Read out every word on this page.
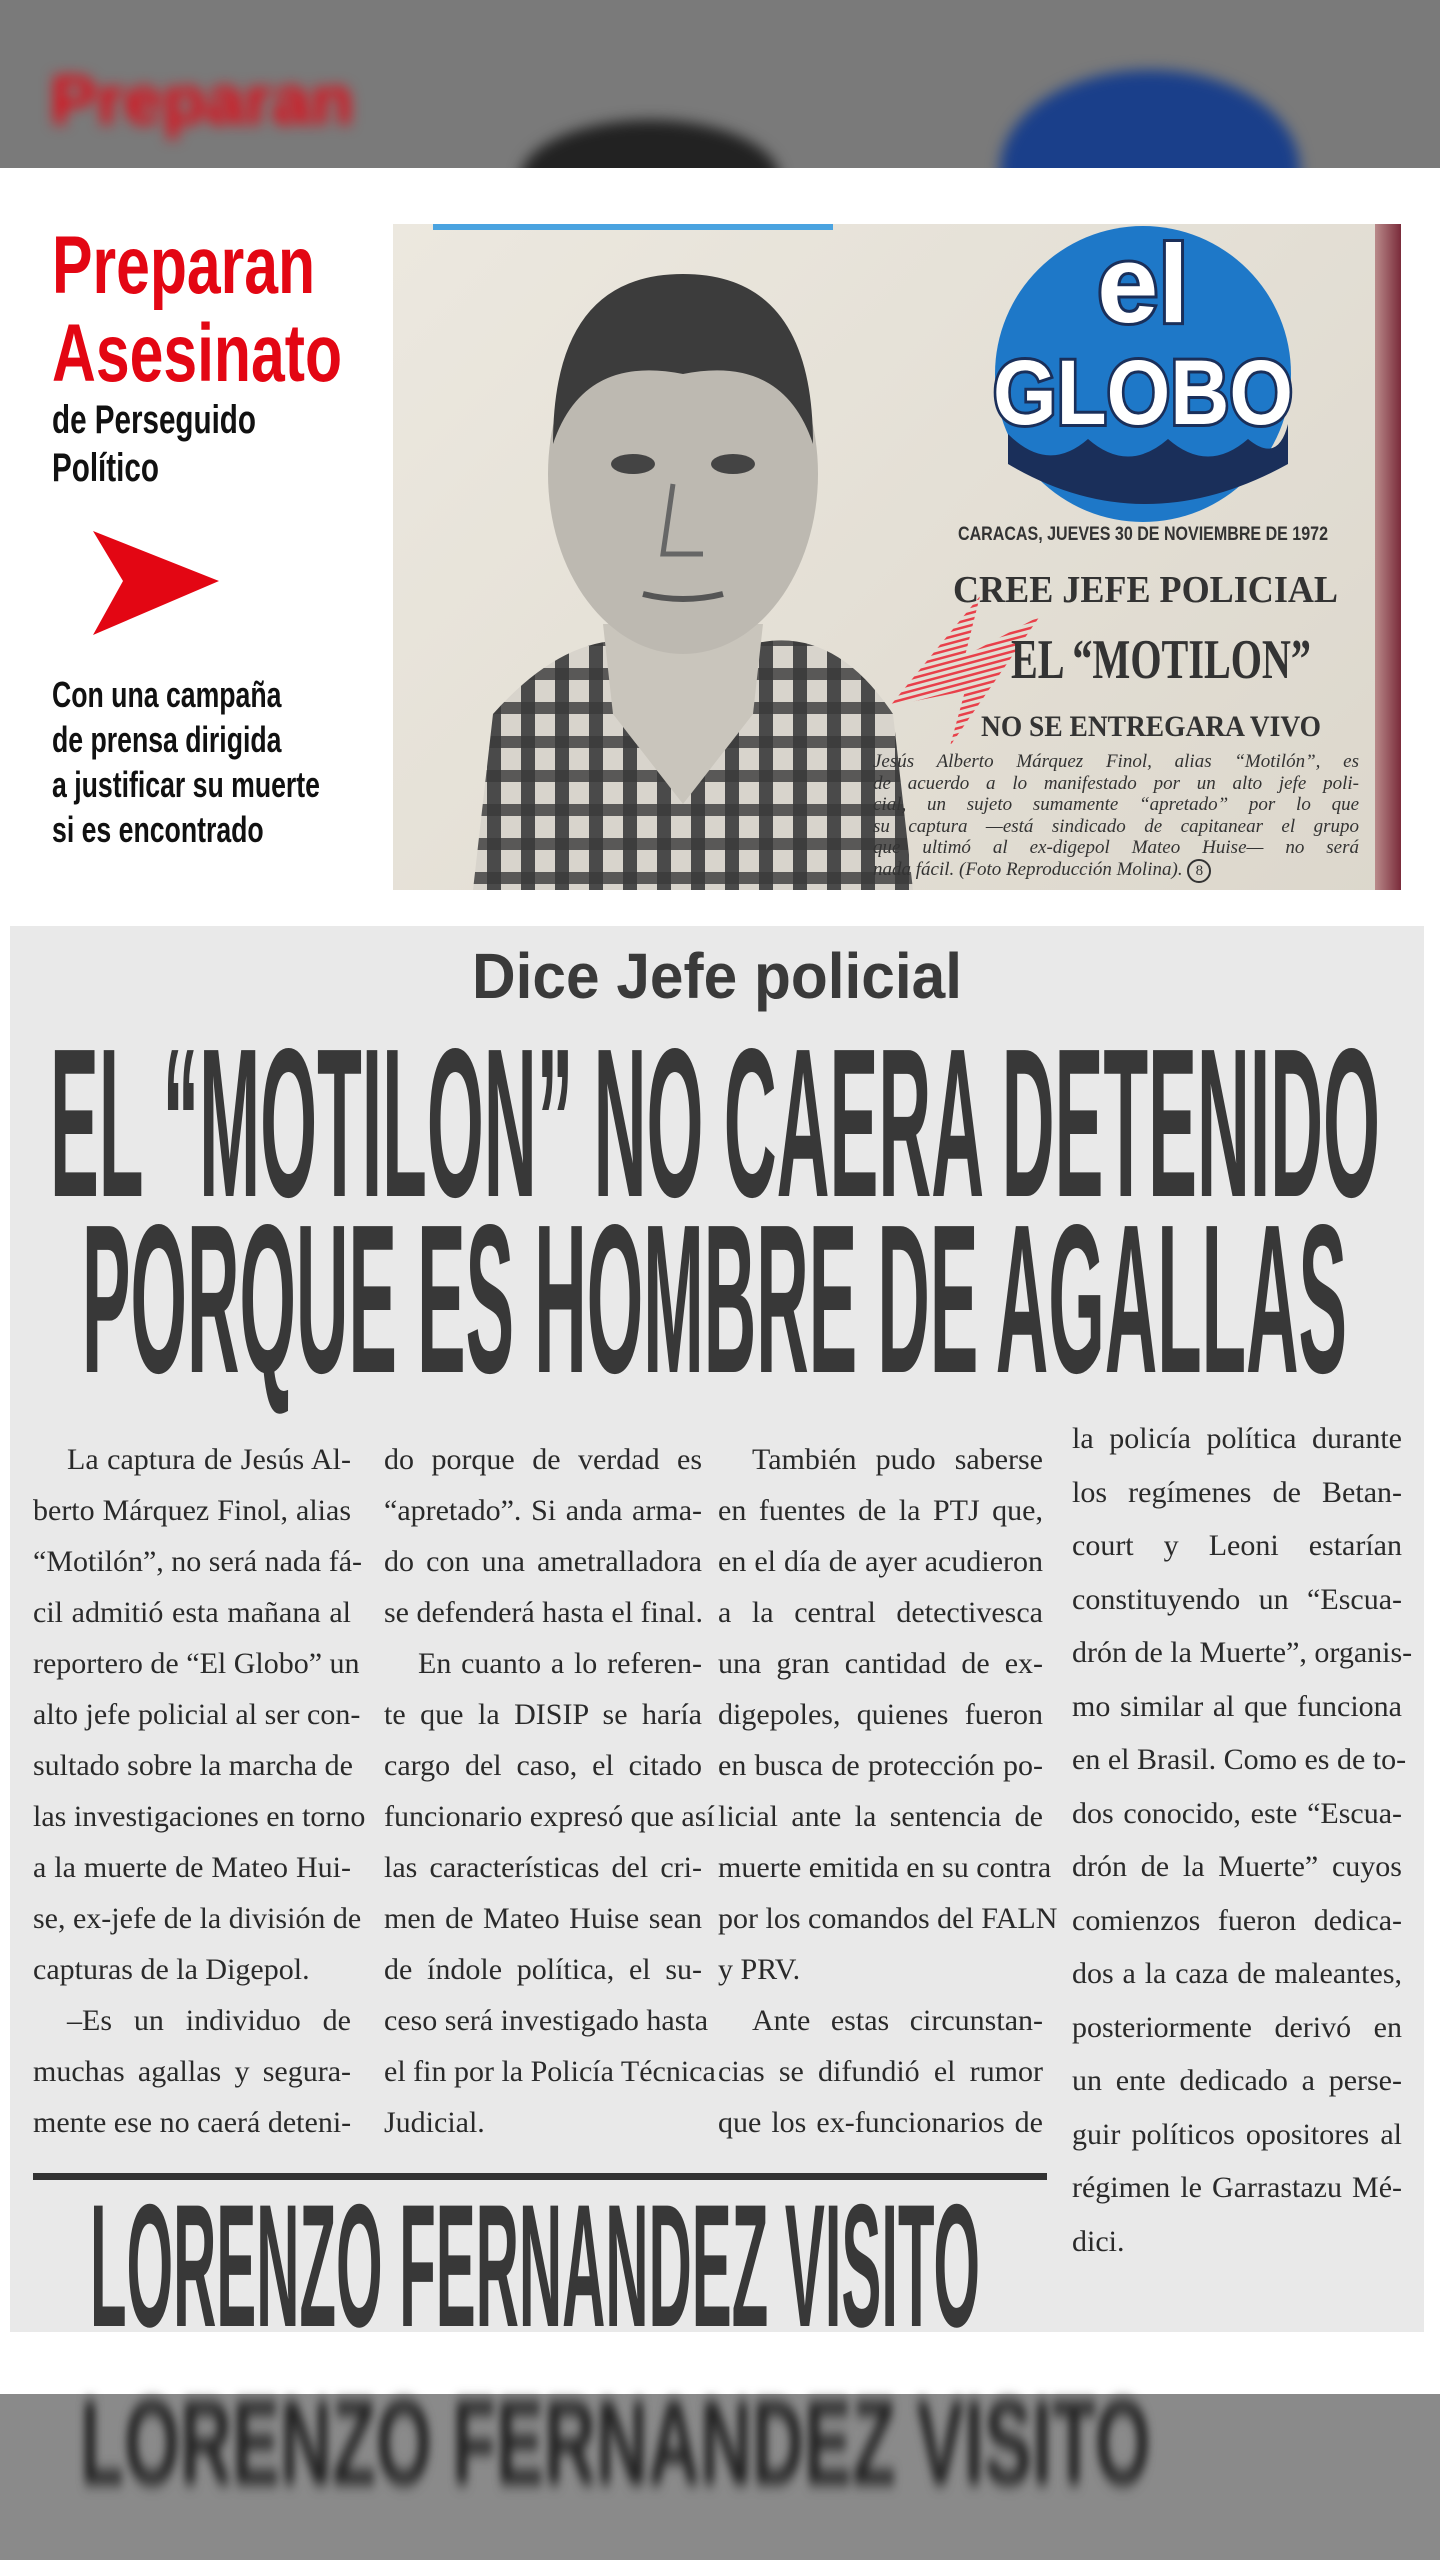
Preparan
Preparan
Asesinato
de Perseguido
Político
Con una campaña
de prensa dirigida
a justificar su muerte
si es encontrado
el
GLOBO
CARACAS, JUEVES 30 DE NOVIEMBRE DE 1972
CREE JEFE POLICIAL
EL “MOTILON”
NO SE ENTREGARA VIVO
Jesús Alberto Márquez Finol, alias “Motilón”, es
de acuerdo a lo manifestado por un alto jefe poli-
cial, un sujeto sumamente “apretado” por lo que
su captura —está sindicado de capitanear el grupo
que ultimó al ex-digepol Mateo Huise— no será
nada fácil. (Foto Reproducción Molina). 8
Dice Jefe policial
EL “MOTILON” NO CAERA DETENIDO
PORQUE ES HOMBRE DE AGALLAS
La captura de Jesús Al-
berto Márquez Finol, alias
“Motilón”, no será nada fá-
cil admitió esta mañana al
reportero de “El Globo” un
alto jefe policial al ser con-
sultado sobre la marcha de
las investigaciones en torno
a la muerte de Mateo Hui-
se, ex-jefe de la división de
capturas de la Digepol.
–Es un individuo de
muchas agallas y segura-
mente ese no caerá deteni-
do porque de verdad es
“apretado”. Si anda arma-
do con una ametralladora
se defenderá hasta el final.
En cuanto a lo referen-
te que la DISIP se haría
cargo del caso, el citado
funcionario expresó que así
las características del cri-
men de Mateo Huise sean
de índole política, el su-
ceso será investigado hasta
el fin por la Policía Técnica
Judicial.
También pudo saberse
en fuentes de la PTJ que,
en el día de ayer acudieron
a la central detectivesca
una gran cantidad de ex-
digepoles, quienes fueron
en busca de protección po-
licial ante la sentencia de
muerte emitida en su contra
por los comandos del FALN
y PRV.
Ante estas circunstan-
cias se difundió el rumor
que los ex-funcionarios de
la policía política durante
los regímenes de Betan-
court y Leoni estarían
constituyendo un “Escua-
drón de la Muerte”, organis-
mo similar al que funciona
en el Brasil. Como es de to-
dos conocido, este “Escua-
drón de la Muerte” cuyos
comienzos fueron dedica-
dos a la caza de maleantes,
posteriormente derivó en
un ente dedicado a perse-
guir políticos opositores al
régimen le Garrastazu Mé-
dici.
LORENZO FERNANDEZ VISITO
LORENZO FERNANDEZ VISITO
